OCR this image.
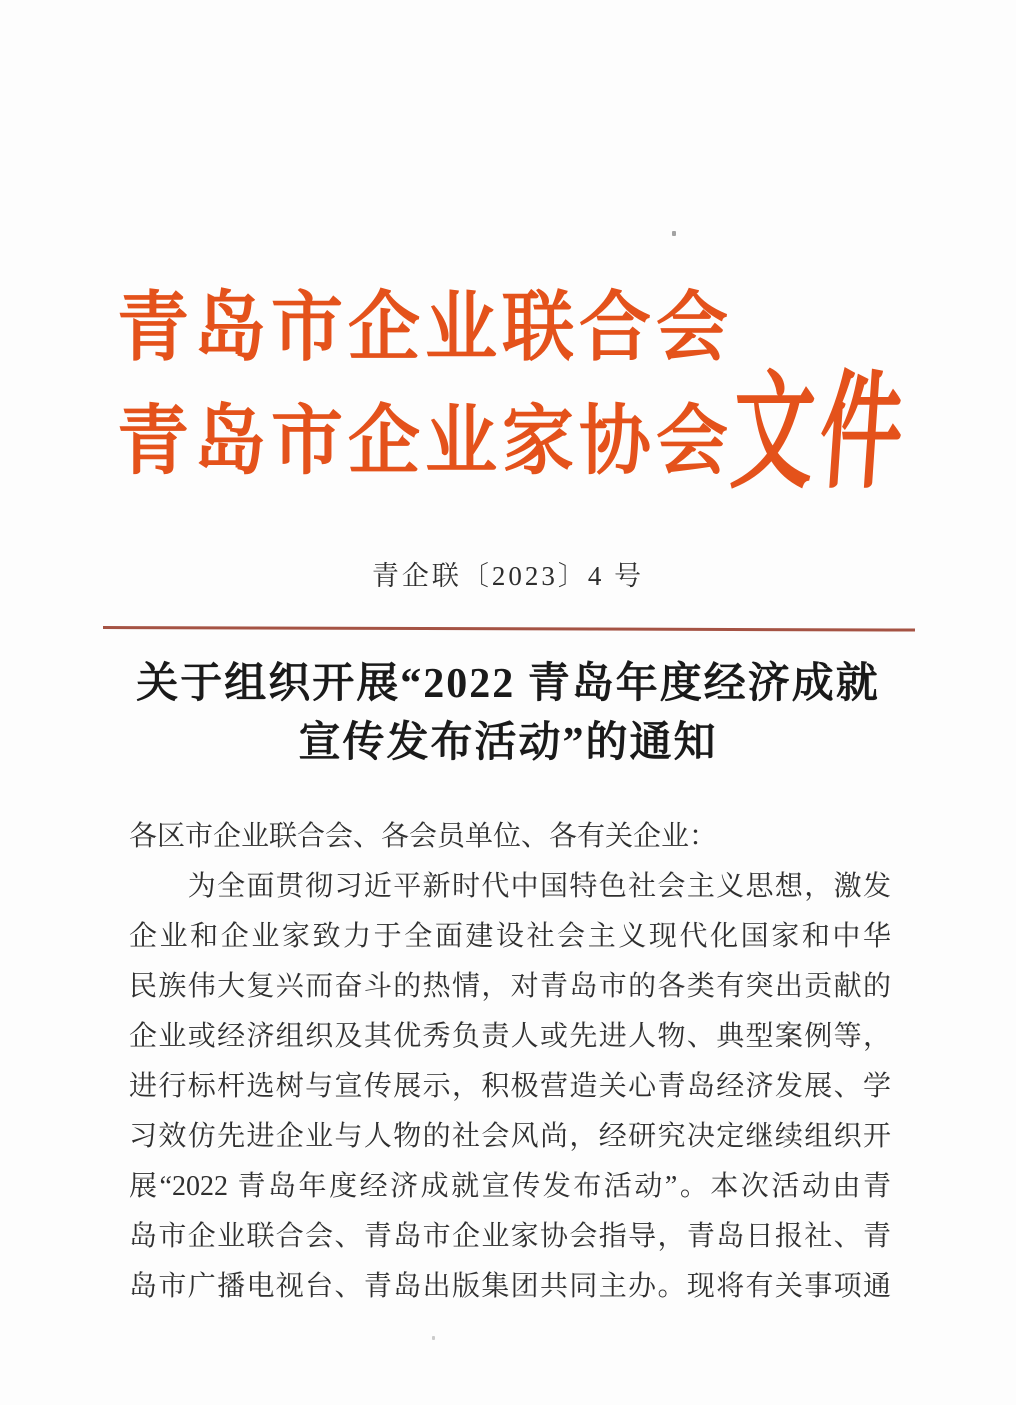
青岛市企业联合会
青岛市企业家协会
文件
青企联〔2023〕4 号
关于组织开展“2022 青岛年度经济成就
宣传发布活动”的通知
各区市企业联合会、各会员单位、各有关企业：
　　为全面贯彻习近平新时代中国特色社会主义思想，激发
企业和企业家致力于全面建设社会主义现代化国家和中华
民族伟大复兴而奋斗的热情，对青岛市的各类有突出贡献的
企业或经济组织及其优秀负责人或先进人物、典型案例等，
进行标杆选树与宣传展示，积极营造关心青岛经济发展、学
习效仿先进企业与人物的社会风尚，经研究决定继续组织开
展“2022 青岛年度经济成就宣传发布活动”。本次活动由青
岛市企业联合会、青岛市企业家协会指导，青岛日报社、青
岛市广播电视台、青岛出版集团共同主办。现将有关事项通
